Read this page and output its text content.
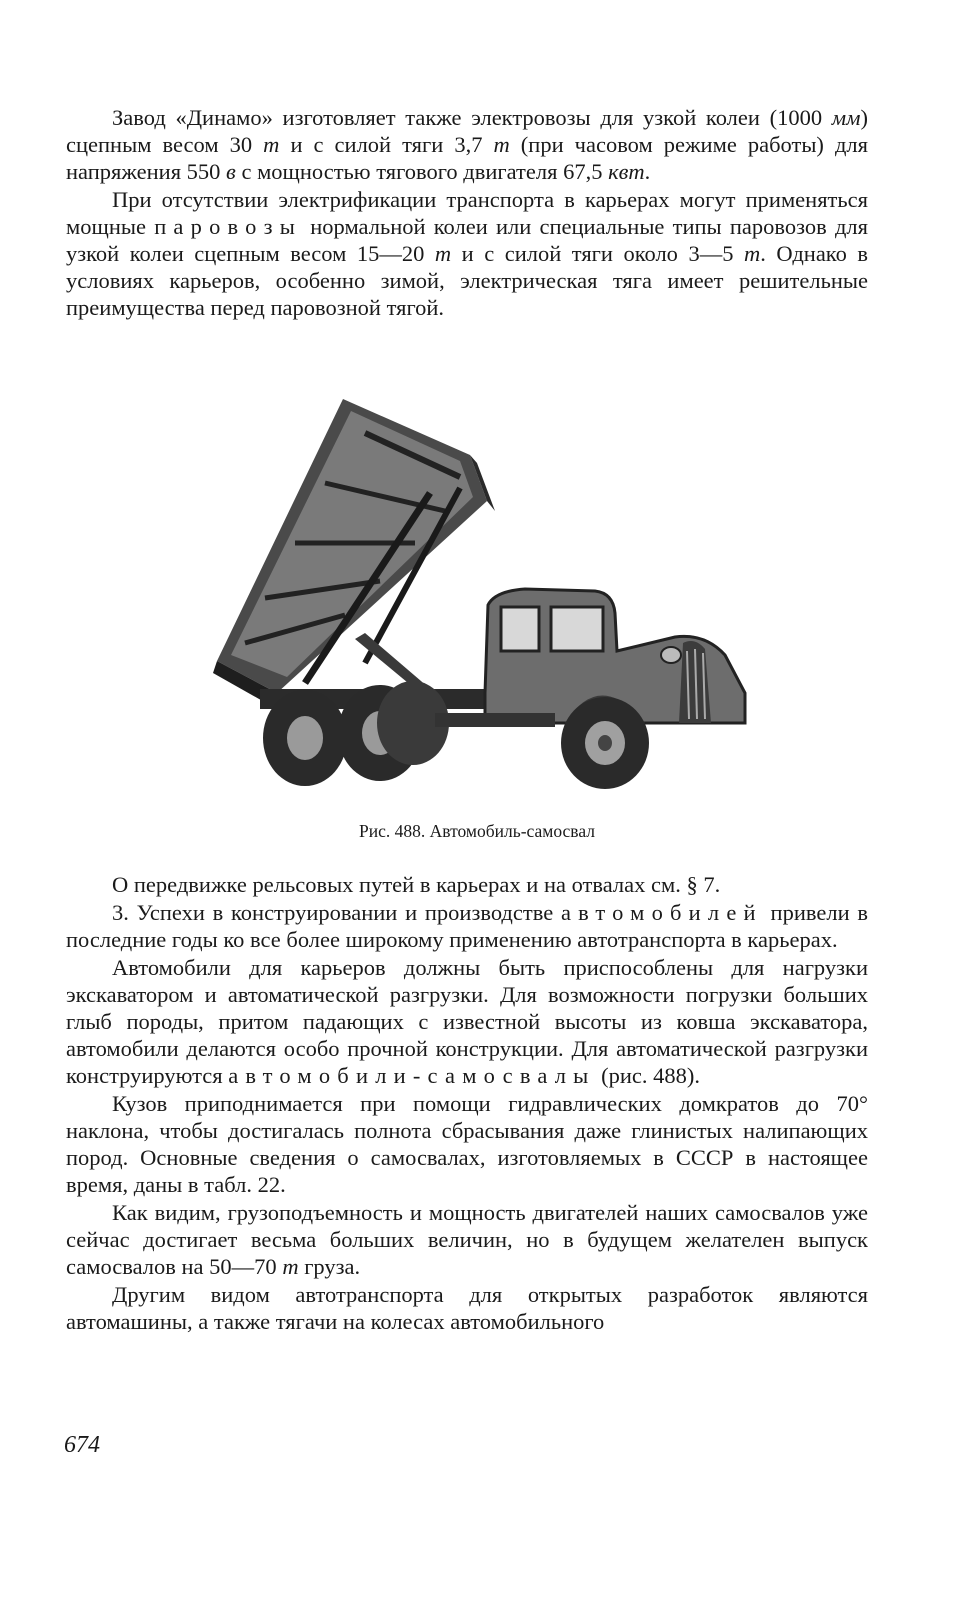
Завод «Динамо» изготовляет также электровозы для узкой колеи (1000 мм) сцепным весом 30 т и с силой тяги 3,7 т (при часовом режиме работы) для напряжения 550 в с мощностью тягового двигателя 67,5 квт.

При отсутствии электрификации транспорта в карьерах могут применяться мощные паровозы нормальной колеи или специальные типы паровозов для узкой колеи сцепным весом 15—20 т и с силой тяги около 3—5 т. Однако в условиях карьеров, особенно зимой, электрическая тяга имеет решительные преимущества перед паровозной тягой.

Рис. 488. Автомобиль-самосвал

О передвижке рельсовых путей в карьерах и на отвалах см. § 7.

3. Успехи в конструировании и производстве автомобилей привели в последние годы ко все более широкому применению автотранспорта в карьерах.

Автомобили для карьеров должны быть приспособлены для нагрузки экскаватором и автоматической разгрузки. Для возможности погрузки больших глыб породы, притом падающих с известной высоты из ковша экскаватора, автомобили делаются особо прочной конструкции. Для автоматической разгрузки конструируются автомобили-самосвалы (рис. 488).

Кузов приподнимается при помощи гидравлических домкратов до 70° наклона, чтобы достигалась полнота сбрасывания даже глинистых налипающих пород. Основные сведения о самосвалах, изготовляемых в СССР в настоящее время, даны в табл. 22.

Как видим, грузоподъемность и мощность двигателей наших самосвалов уже сейчас достигает весьма больших величин, но в будущем желателен выпуск самосвалов на 50—70 т груза.

Другим видом автотранспорта для открытых разработок являются автомашины, а также тягачи на колесах автомобильного

674
